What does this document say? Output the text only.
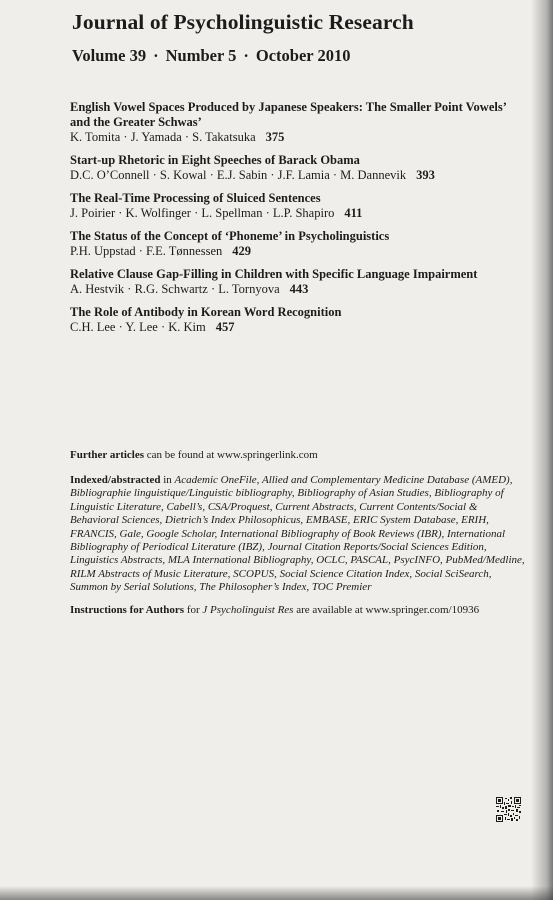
Journal of Psycholinguistic Research
Volume 39 · Number 5 · October 2010
English Vowel Spaces Produced by Japanese Speakers: The Smaller Point Vowels’ and the Greater Schwas’
K. Tomita · J. Yamada · S. Takatsuka 375
Start-up Rhetoric in Eight Speeches of Barack Obama
D.C. O’Connell · S. Kowal · E.J. Sabin · J.F. Lamia · M. Dannevik 393
The Real-Time Processing of Sluiced Sentences
J. Poirier · K. Wolfinger · L. Spellman · L.P. Shapiro 411
The Status of the Concept of ‘Phoneme’ in Psycholinguistics
P.H. Uppstad · F.E. Tønnessen 429
Relative Clause Gap-Filling in Children with Specific Language Impairment
A. Hestvik · R.G. Schwartz · L. Tornyova 443
The Role of Antibody in Korean Word Recognition
C.H. Lee · Y. Lee · K. Kim 457
Further articles can be found at www.springerlink.com
Indexed/abstracted in Academic OneFile, Allied and Complementary Medicine Database (AMED), Bibliographie linguistique/Linguistic bibliography, Bibliography of Asian Studies, Bibliography of Linguistic Literature, Cabell’s, CSA/Proquest, Current Abstracts, Current Contents/Social & Behavioral Sciences, Dietrich’s Index Philosophicus, EMBASE, ERIC System Database, ERIH, FRANCIS, Gale, Google Scholar, International Bibliography of Book Reviews (IBR), International Bibliography of Periodical Literature (IBZ), Journal Citation Reports/Social Sciences Edition, Linguistics Abstracts, MLA International Bibliography, OCLC, PASCAL, PsycINFO, PubMed/Medline, RILM Abstracts of Music Literature, SCOPUS, Social Science Citation Index, Social SciSearch, Summon by Serial Solutions, The Philosopher’s Index, TOC Premier
Instructions for Authors for J Psycholinguist Res are available at www.springer.com/10936
